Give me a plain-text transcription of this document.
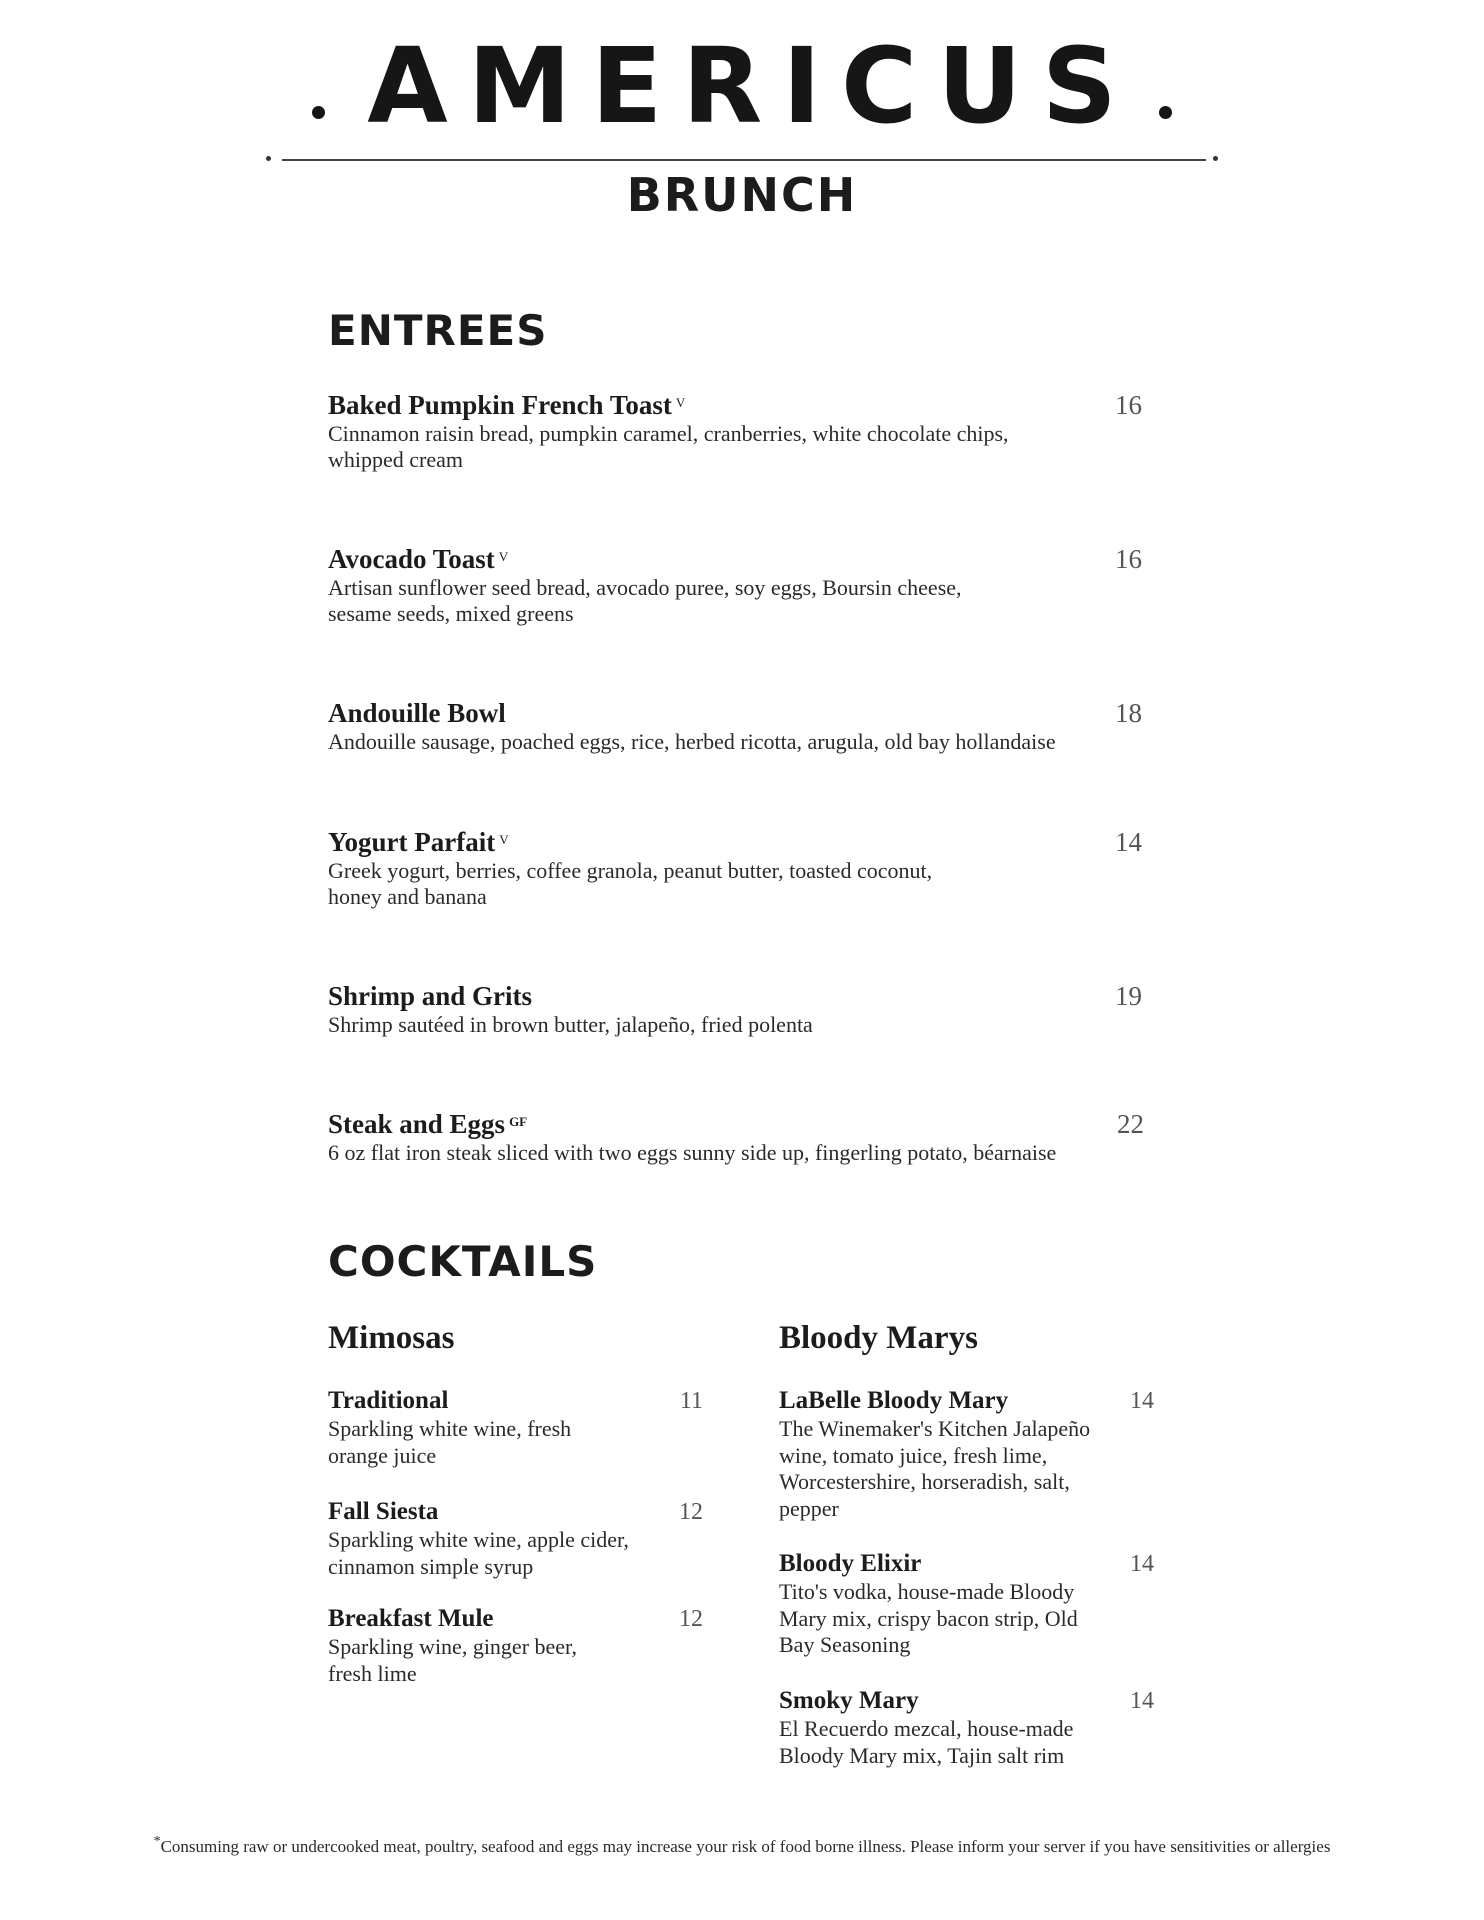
AMERICUS
BRUNCH
ENTREES
Baked Pumpkin French Toast $^V$	16
Cinnamon raisin bread, pumpkin caramel, cranberries, white chocolate chips,
whipped cream
Avocado Toast $^V$	16
Artisan sunflower seed bread, avocado puree, soy eggs, Boursin cheese,
sesame seeds, mixed greens
Andouille Bowl	18
Andouille sausage, poached eggs, rice, herbed ricotta, arugula, old bay hollandaise
Yogurt Parfait $^V$	14
Greek yogurt, berries, coffee granola, peanut butter, toasted coconut,
honey and banana
Shrimp and Grits	19
Shrimp sautéed in brown butter, jalapeño, fried polenta
Steak and Eggs $^{GF}$	22
6 oz flat iron steak sliced with two eggs sunny side up, fingerling potato, béarnaise
COCKTAILS
Mimosas	Bloody Marys
Traditional	11
Sparkling white wine, fresh
orange juice
Fall Siesta	12
Sparkling white wine, apple cider,
cinnamon simple syrup
Breakfast Mule	12
Sparkling wine, ginger beer,
fresh lime
LaBelle Bloody Mary	14
The Winemaker's Kitchen Jalapeño
wine, tomato juice, fresh lime,
Worcestershire, horseradish, salt,
pepper
Bloody Elixir	14
Tito's vodka, house-made Bloody
Mary mix, crispy bacon strip, Old
Bay Seasoning
Smoky Mary	14
El Recuerdo mezcal, house-made
Bloody Mary mix, Tajin salt rim
*Consuming raw or undercooked meat, poultry, seafood and eggs may increase your risk of food borne illness. Please inform your server if you have sensitivities or allergies
